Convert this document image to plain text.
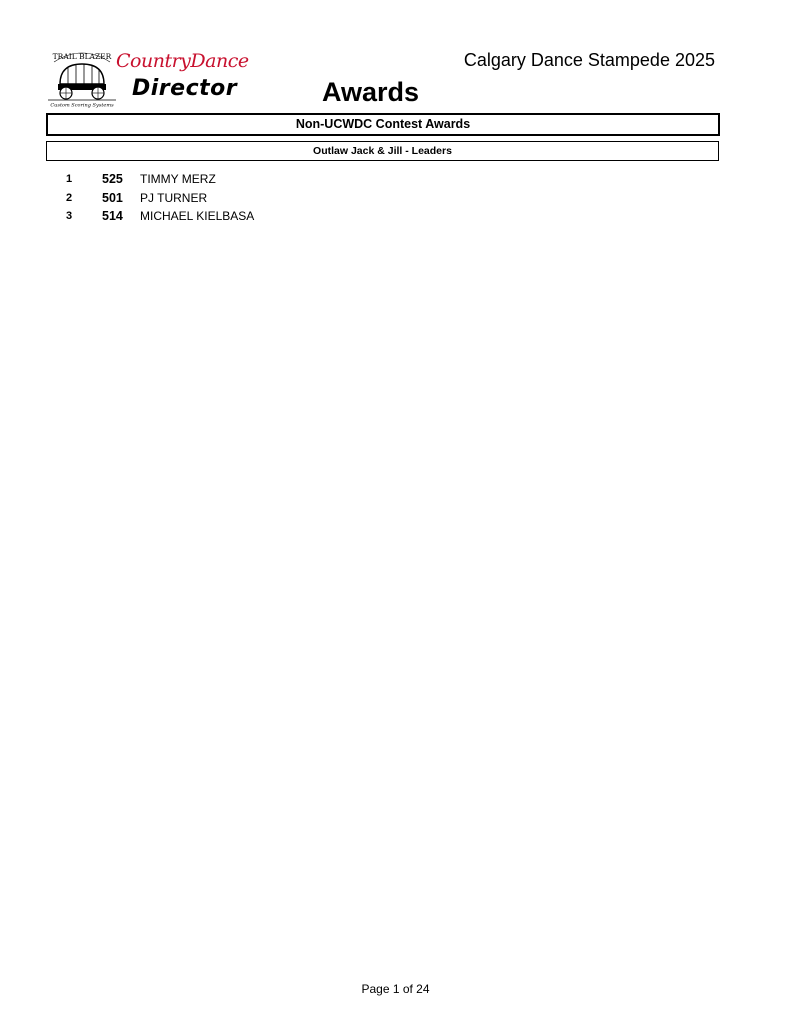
TRAIL BLAZER
Custom Scoring Systems
CountryDance
Director
Calgary Dance Stampede 2025
Awards
Non-UCWDC Contest Awards
Outlaw Jack & Jill - Leaders
1 525 TIMMY MERZ
2 501 PJ TURNER
3 514 MICHAEL KIELBASA
Page 1 of 24
